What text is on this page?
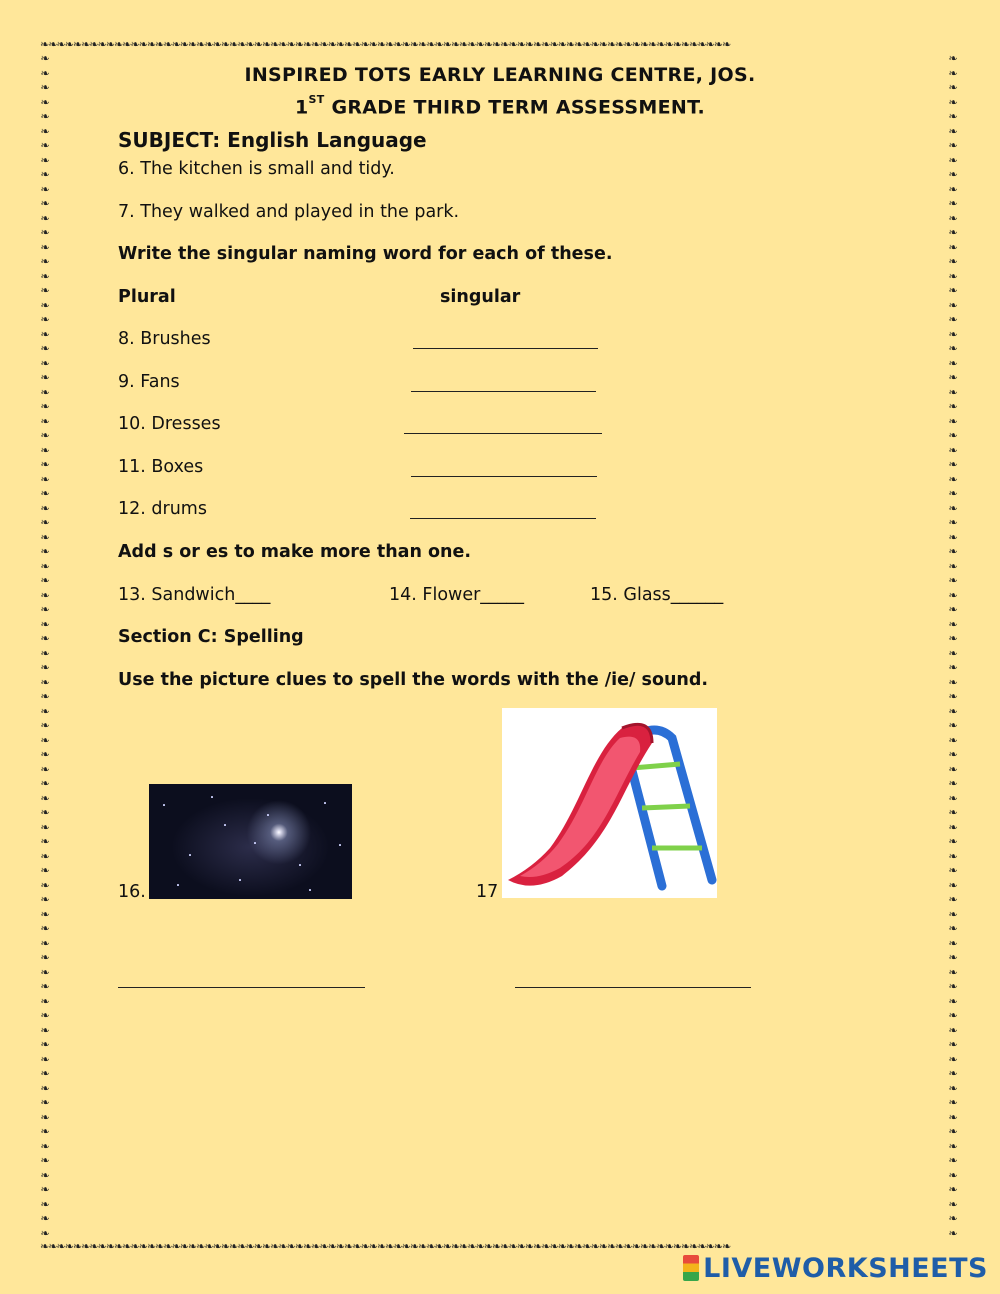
❧❧❧❧❧❧❧❧❧❧❧❧❧❧❧❧❧❧❧❧❧❧❧❧❧❧❧❧❧❧❧❧❧❧❧❧❧❧❧❧❧❧❧❧❧❧❧❧❧❧❧❧❧❧❧❧❧❧❧❧❧❧❧❧❧❧❧❧❧❧❧❧❧❧❧❧❧❧❧❧❧❧❧❧
❧❧❧❧❧❧❧❧❧❧❧❧❧❧❧❧❧❧❧❧❧❧❧❧❧❧❧❧❧❧❧❧❧❧❧❧❧❧❧❧❧❧❧❧❧❧❧❧❧❧❧❧❧❧❧❧❧❧❧❧❧❧❧❧❧❧❧❧❧❧❧❧❧❧❧❧❧❧❧❧❧❧❧❧
❧
❧
❧
❧
❧
❧
❧
❧
❧
❧
❧
❧
❧
❧
❧
❧
❧
❧
❧
❧
❧
❧
❧
❧
❧
❧
❧
❧
❧
❧
❧
❧
❧
❧
❧
❧
❧
❧
❧
❧
❧
❧
❧
❧
❧
❧
❧
❧
❧
❧
❧
❧
❧
❧
❧
❧
❧
❧
❧
❧
❧
❧
❧
❧
❧
❧
❧
❧
❧
❧
❧
❧
❧
❧
❧
❧
❧
❧
❧
❧
❧
❧
❧
❧
❧
❧
❧
❧
❧
❧
❧
❧
❧
❧
❧
❧
❧
❧
❧
❧
❧
❧
❧
❧
❧
❧
❧
❧
❧
❧
❧
❧
❧
❧
❧
❧
❧
❧
❧
❧
❧
❧
❧
❧
❧
❧
❧
❧
❧
❧
❧
❧
❧
❧
❧
❧
❧
❧
❧
❧
❧
❧
❧
❧
❧
❧
❧
❧
❧
❧
❧
❧
❧
❧
❧
❧
❧
❧
❧
❧
❧
❧
❧
❧
INSPIRED TOTS EARLY LEARNING CENTRE, JOS.
1ST GRADE THIRD TERM ASSESSMENT.
SUBJECT: English Language
6. The kitchen is small and tidy.
7. They walked and played in the park.
Write the singular naming word for each of these.
Plural	singular
8. Brushes
9. Fans
10. Dresses
11. Boxes
12. drums
Add s or es to make more than one.
13. Sandwich____	14. Flower_____	15. Glass______
Section C: Spelling
Use the picture clues to spell the words with the /ie/ sound.
16.	17
LIVEWORKSHEETS
